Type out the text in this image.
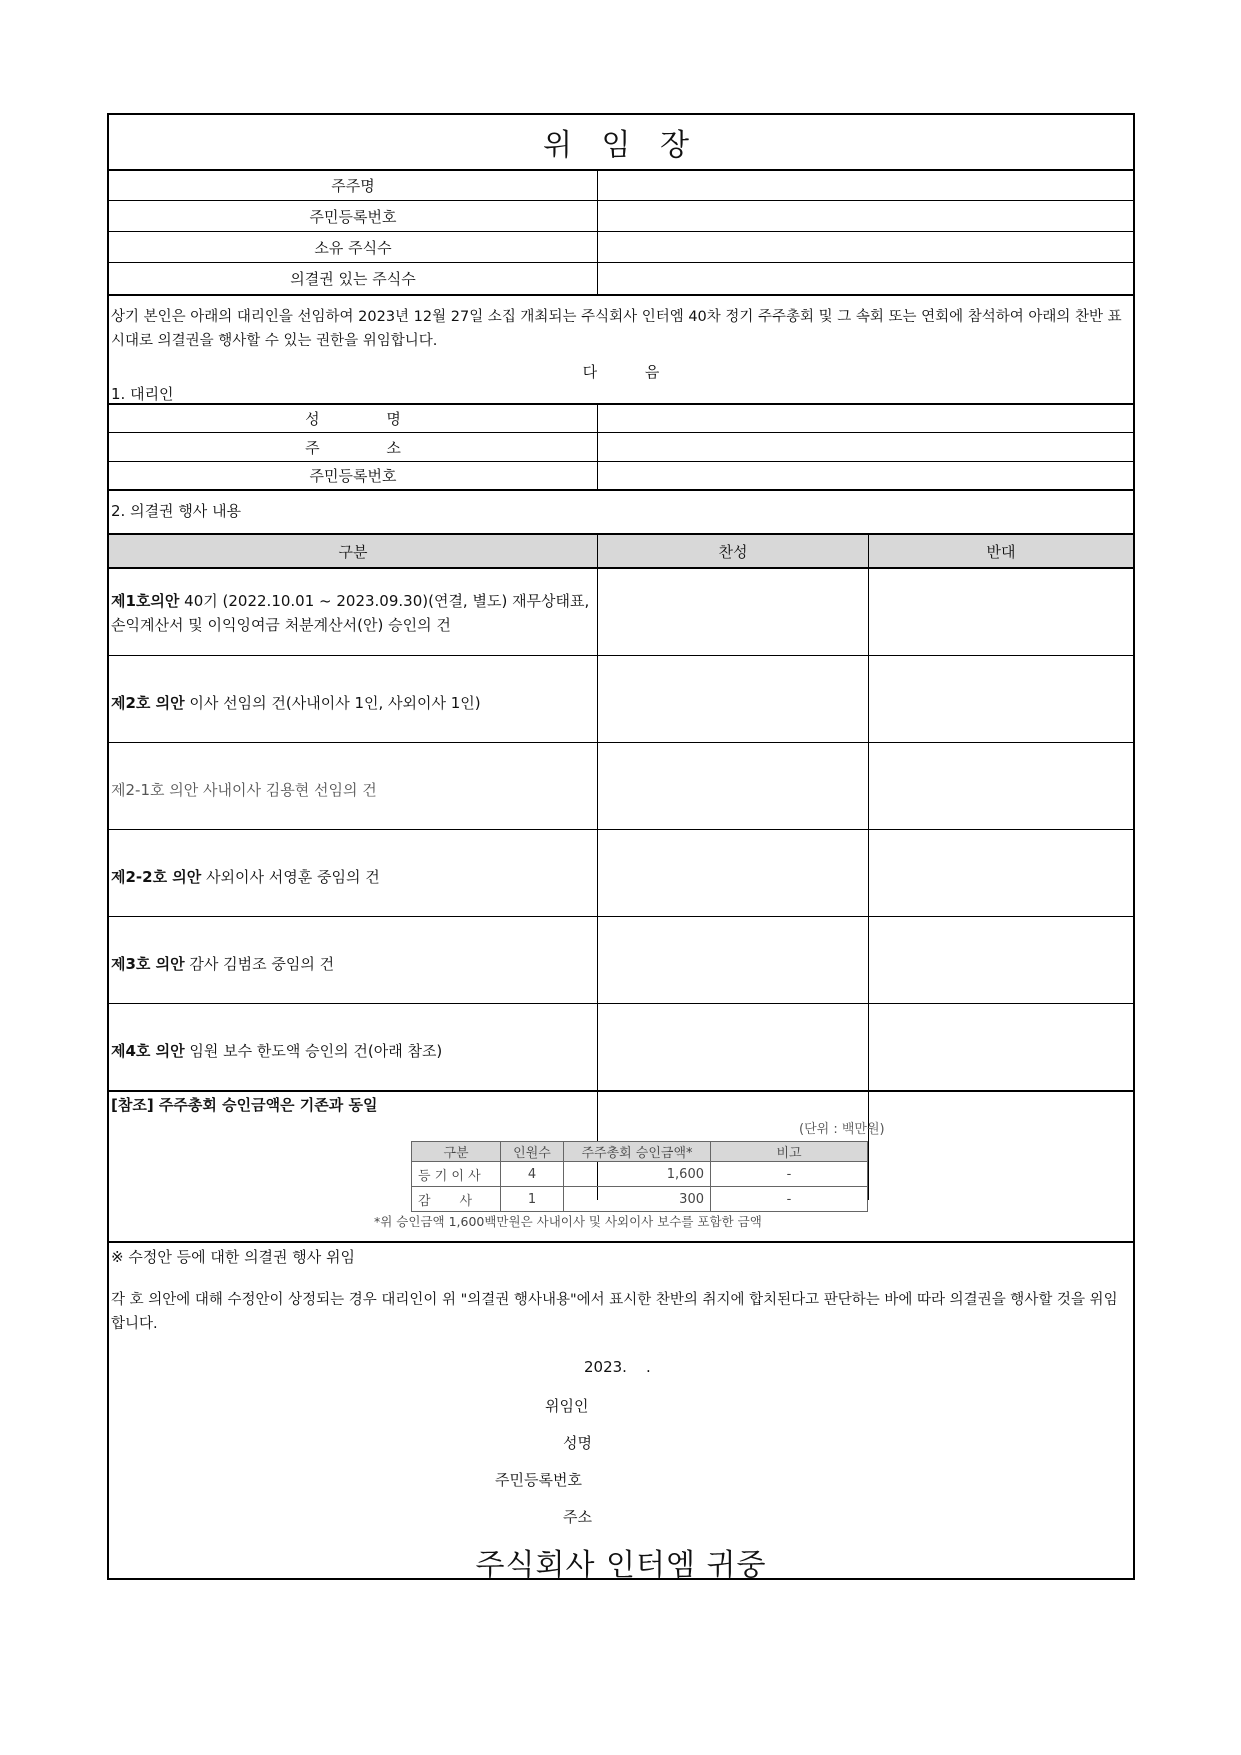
위 임 장
주주명
주민등록번호
소유 주식수
의결권 있는 주식수
상기 본인은 아래의 대리인을 선임하여 2023년 12월 27일 소집 개최되는 주식회사 인터엠 40차 정기 주주총회 및 그 속회 또는 연회에 참석하여 아래의 찬반 표시대로 의결권을 행사할 수 있는 권한을 위임합니다.
다          음
1. 대리인
성              명
주              소
주민등록번호
2. 의결권 행사 내용
구분	찬성	반대
제1호의안 40기 (2022.10.01 ~ 2023.09.30)(연결, 별도) 재무상태표, 손익계산서 및 이익잉여금 처분계산서(안) 승인의 건
제2호 의안 이사 선임의 건(사내이사 1인, 사외이사 1인)
제2-1호 의안 사내이사 김용현 선임의 건
제2-2호 의안 사외이사 서영훈 중임의 건
제3호 의안 감사 김범조 중임의 건
제4호 의안 임원 보수 한도액 승인의 건(아래 참조)
[참조] 주주총회 승인금액은 기존과 동일
(단위 : 백만원)
구분	인원수	주주총회 승인금액*	비고
등 기 이 사	4	1,600	-
감       사	1	300	-
*위 승인금액 1,600백만원은 사내이사 및 사외이사 보수를 포함한 금액
※ 수정안 등에 대한 의결권 행사 위임
각 호 의안에 대해 수정안이 상정되는 경우 대리인이 위 "의결권 행사내용"에서 표시한 찬반의 취지에 합치된다고 판단하는 바에 따라 의결권을 행사할 것을 위임 합니다.
2023.    .
위임인
성명
주민등록번호
주소
주식회사 인터엠 귀중
